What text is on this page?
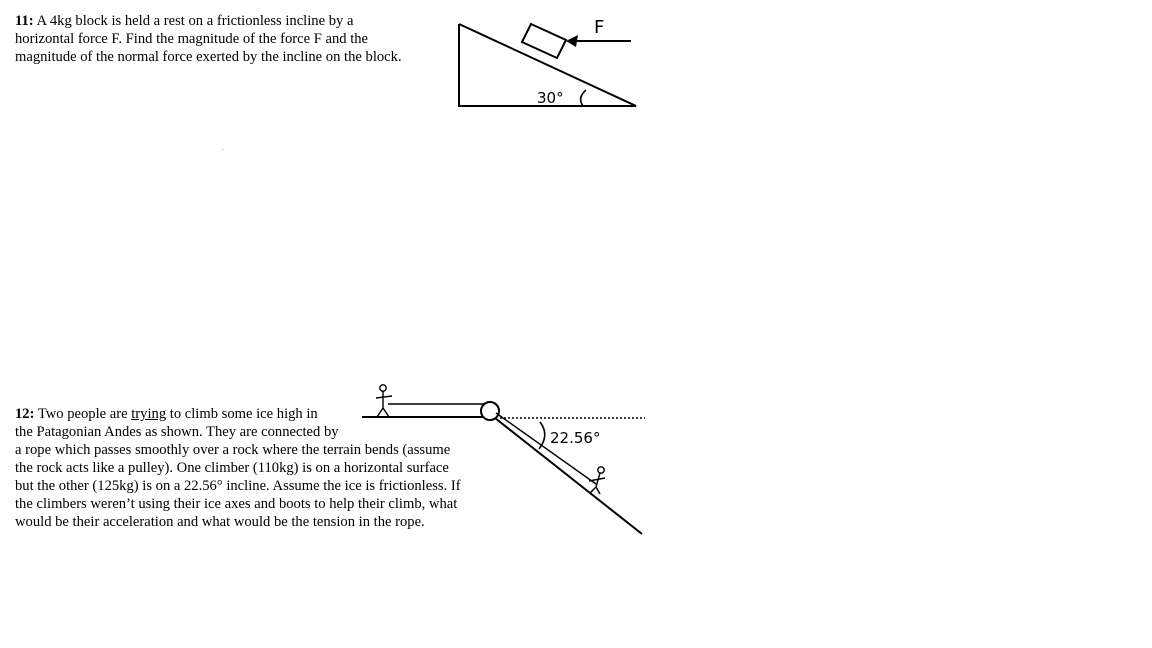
11: A 4kg block is held a rest on a frictionless incline by a
horizontal force F. Find the magnitude of the force F and the
magnitude of the normal force exerted by the incline on the block.
F
30°
12: Two people are trying to climb some ice high in
the Patagonian Andes as shown. They are connected by
a rope which passes smoothly over a rock where the terrain bends (assume
the rock acts like a pulley). One climber (110kg) is on a horizontal surface
but the other (125kg) is on a 22.56° incline. Assume the ice is frictionless. If
the climbers weren’t using their ice axes and boots to help their climb, what
would be their acceleration and what would be the tension in the rope.
22.56°
